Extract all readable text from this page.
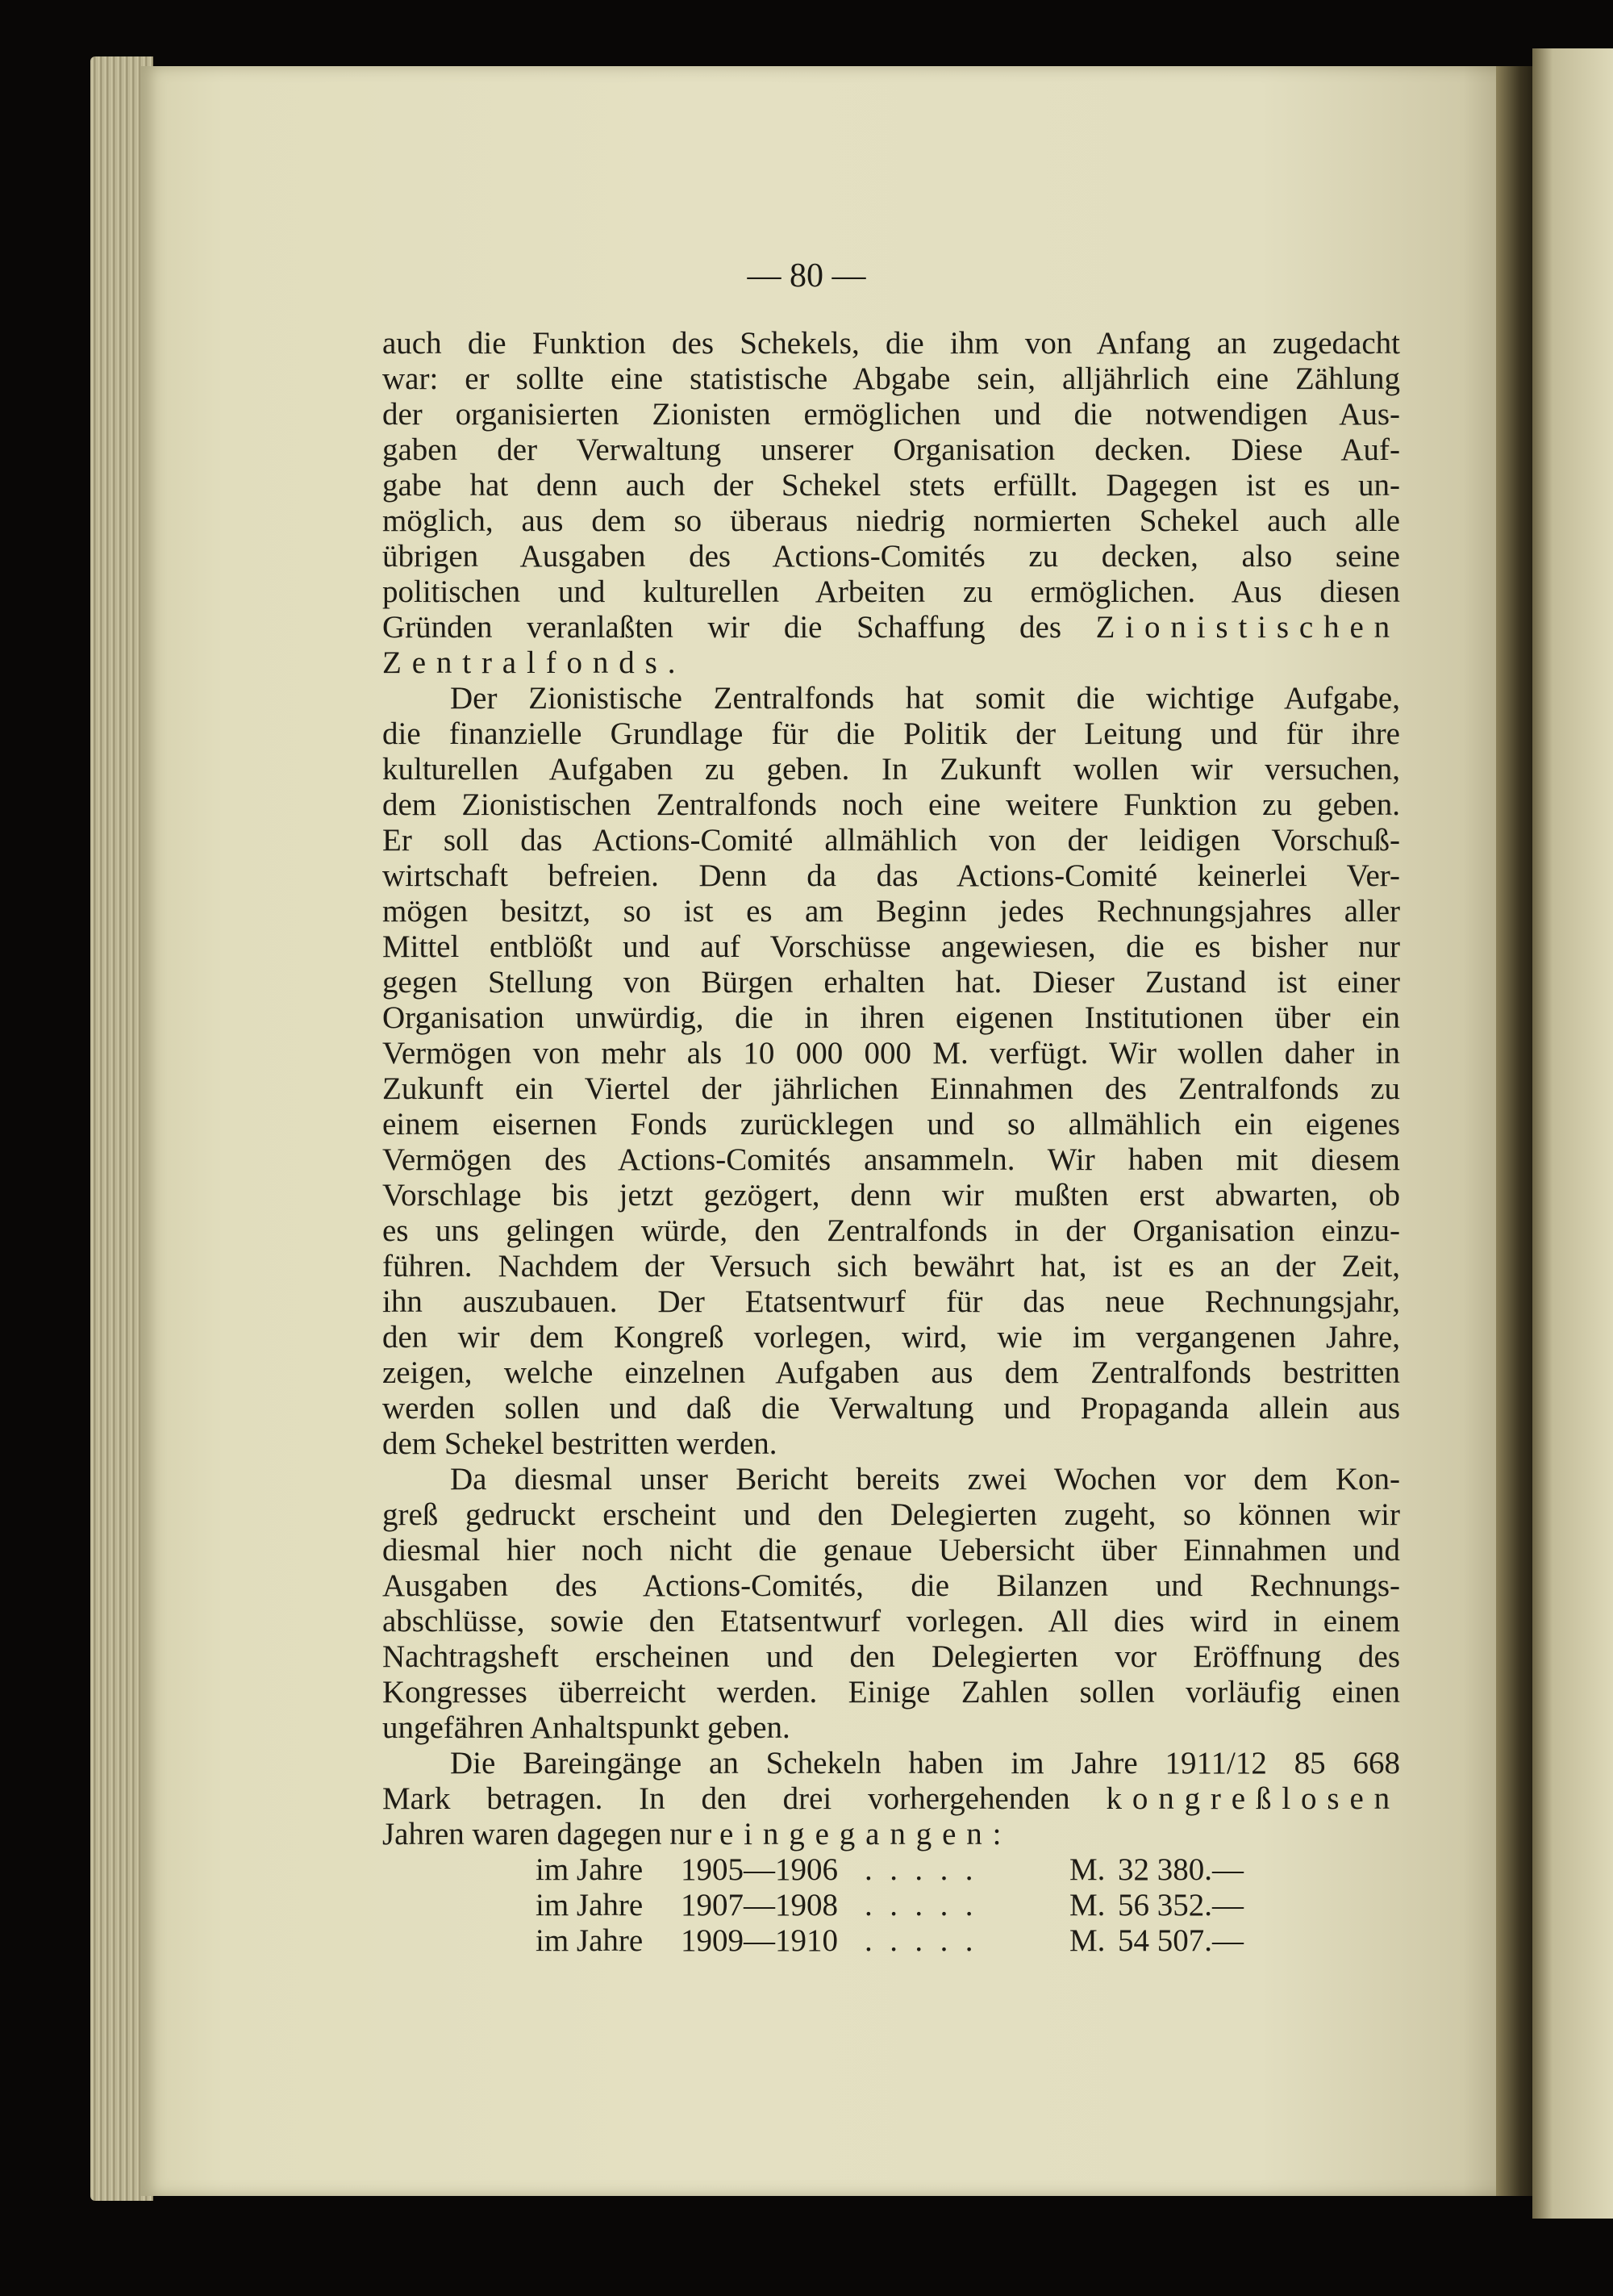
— 80 —
auch die Funktion des Schekels, die ihm von Anfang an zugedacht
war: er sollte eine statistische Abgabe sein, alljährlich eine Zählung
der organisierten Zionisten ermöglichen und die notwendigen Aus-
gaben der Verwaltung unserer Organisation decken. Diese Auf-
gabe hat denn auch der Schekel stets erfüllt. Dagegen ist es un-
möglich, aus dem so überaus niedrig normierten Schekel auch alle
übrigen Ausgaben des Actions-Comités zu decken, also seine
politischen und kulturellen Arbeiten zu ermöglichen. Aus diesen
Gründen veranlaßten wir die Schaffung des Zionistischen
Zentralfonds.
Der Zionistische Zentralfonds hat somit die wichtige Aufgabe,
die finanzielle Grundlage für die Politik der Leitung und für ihre
kulturellen Aufgaben zu geben. In Zukunft wollen wir versuchen,
dem Zionistischen Zentralfonds noch eine weitere Funktion zu geben.
Er soll das Actions-Comité allmählich von der leidigen Vorschuß-
wirtschaft befreien. Denn da das Actions-Comité keinerlei Ver-
mögen besitzt, so ist es am Beginn jedes Rechnungsjahres aller
Mittel entblößt und auf Vorschüsse angewiesen, die es bisher nur
gegen Stellung von Bürgen erhalten hat. Dieser Zustand ist einer
Organisation unwürdig, die in ihren eigenen Institutionen über ein
Vermögen von mehr als 10 000 000 M. verfügt. Wir wollen daher in
Zukunft ein Viertel der jährlichen Einnahmen des Zentralfonds zu
einem eisernen Fonds zurücklegen und so allmählich ein eigenes
Vermögen des Actions-Comités ansammeln. Wir haben mit diesem
Vorschlage bis jetzt gezögert, denn wir mußten erst abwarten, ob
es uns gelingen würde, den Zentralfonds in der Organisation einzu-
führen. Nachdem der Versuch sich bewährt hat, ist es an der Zeit,
ihn auszubauen. Der Etatsentwurf für das neue Rechnungsjahr,
den wir dem Kongreß vorlegen, wird, wie im vergangenen Jahre,
zeigen, welche einzelnen Aufgaben aus dem Zentralfonds bestritten
werden sollen und daß die Verwaltung und Propaganda allein aus
dem Schekel bestritten werden.
Da diesmal unser Bericht bereits zwei Wochen vor dem Kon-
greß gedruckt erscheint und den Delegierten zugeht, so können wir
diesmal hier noch nicht die genaue Uebersicht über Einnahmen und
Ausgaben des Actions-Comités, die Bilanzen und Rechnungs-
abschlüsse, sowie den Etatsentwurf vorlegen. All dies wird in einem
Nachtragsheft erscheinen und den Delegierten vor Eröffnung des
Kongresses überreicht werden. Einige Zahlen sollen vorläufig einen
ungefähren Anhaltspunkt geben.
Die Bareingänge an Schekeln haben im Jahre 1911/12 85 668
Mark betragen. In den drei vorhergehenden kongreßlosen
Jahren waren dagegen nur eingegangen:
im Jahre 1905—1906 .....	M. 32 380.—
im Jahre 1907—1908 .....	M. 56 352.—
im Jahre 1909—1910 .....	M. 54 507.—
